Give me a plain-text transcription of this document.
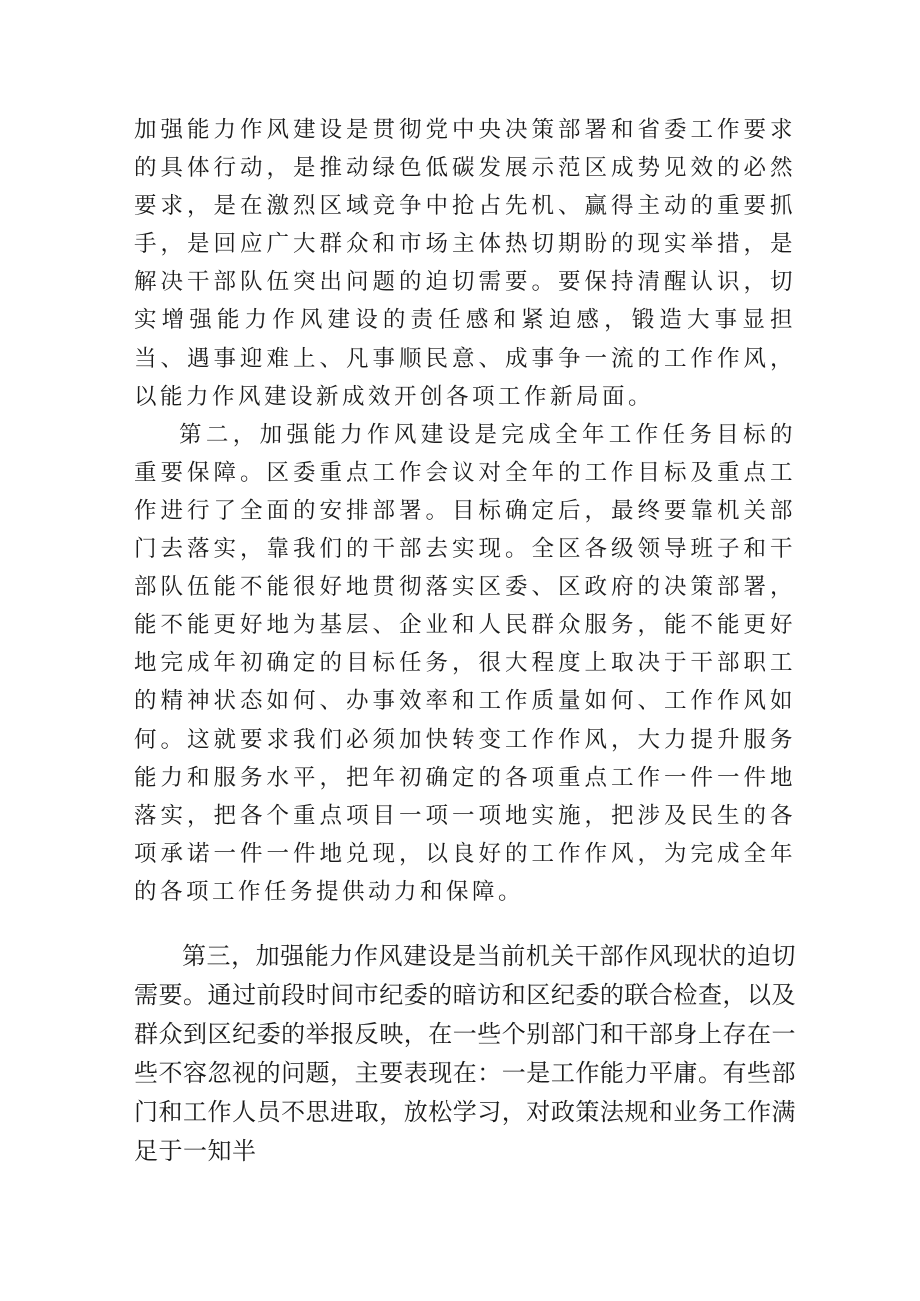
加强能力作风建设是贯彻党中央决策部署和省委工作要求的具体行动，是推动绿色低碳发展示范区成势见效的必然要求，是在激烈区域竞争中抢占先机、赢得主动的重要抓手，是回应广大群众和市场主体热切期盼的现实举措，是解决干部队伍突出问题的迫切需要。要保持清醒认识，切实增强能力作风建设的责任感和紧迫感，锻造大事显担当、遇事迎难上、凡事顺民意、成事争一流的工作作风，以能力作风建设新成效开创各项工作新局面。

第二，加强能力作风建设是完成全年工作任务目标的重要保障。区委重点工作会议对全年的工作目标及重点工作进行了全面的安排部署。目标确定后，最终要靠机关部门去落实，靠我们的干部去实现。全区各级领导班子和干部队伍能不能很好地贯彻落实区委、区政府的决策部署，能不能更好地为基层、企业和人民群众服务，能不能更好地完成年初确定的目标任务，很大程度上取决于干部职工的精神状态如何、办事效率和工作质量如何、工作作风如何。这就要求我们必须加快转变工作作风，大力提升服务能力和服务水平，把年初确定的各项重点工作一件一件地落实，把各个重点项目一项一项地实施，把涉及民生的各项承诺一件一件地兑现，以良好的工作作风，为完成全年的各项工作任务提供动力和保障。

第三，加强能力作风建设是当前机关干部作风现状的迫切需要。通过前段时间市纪委的暗访和区纪委的联合检查，以及群众到区纪委的举报反映，在一些个别部门和干部身上存在一些不容忽视的问题，主要表现在：一是工作能力平庸。有些部门和工作人员不思进取，放松学习，对政策法规和业务工作满足于一知半
